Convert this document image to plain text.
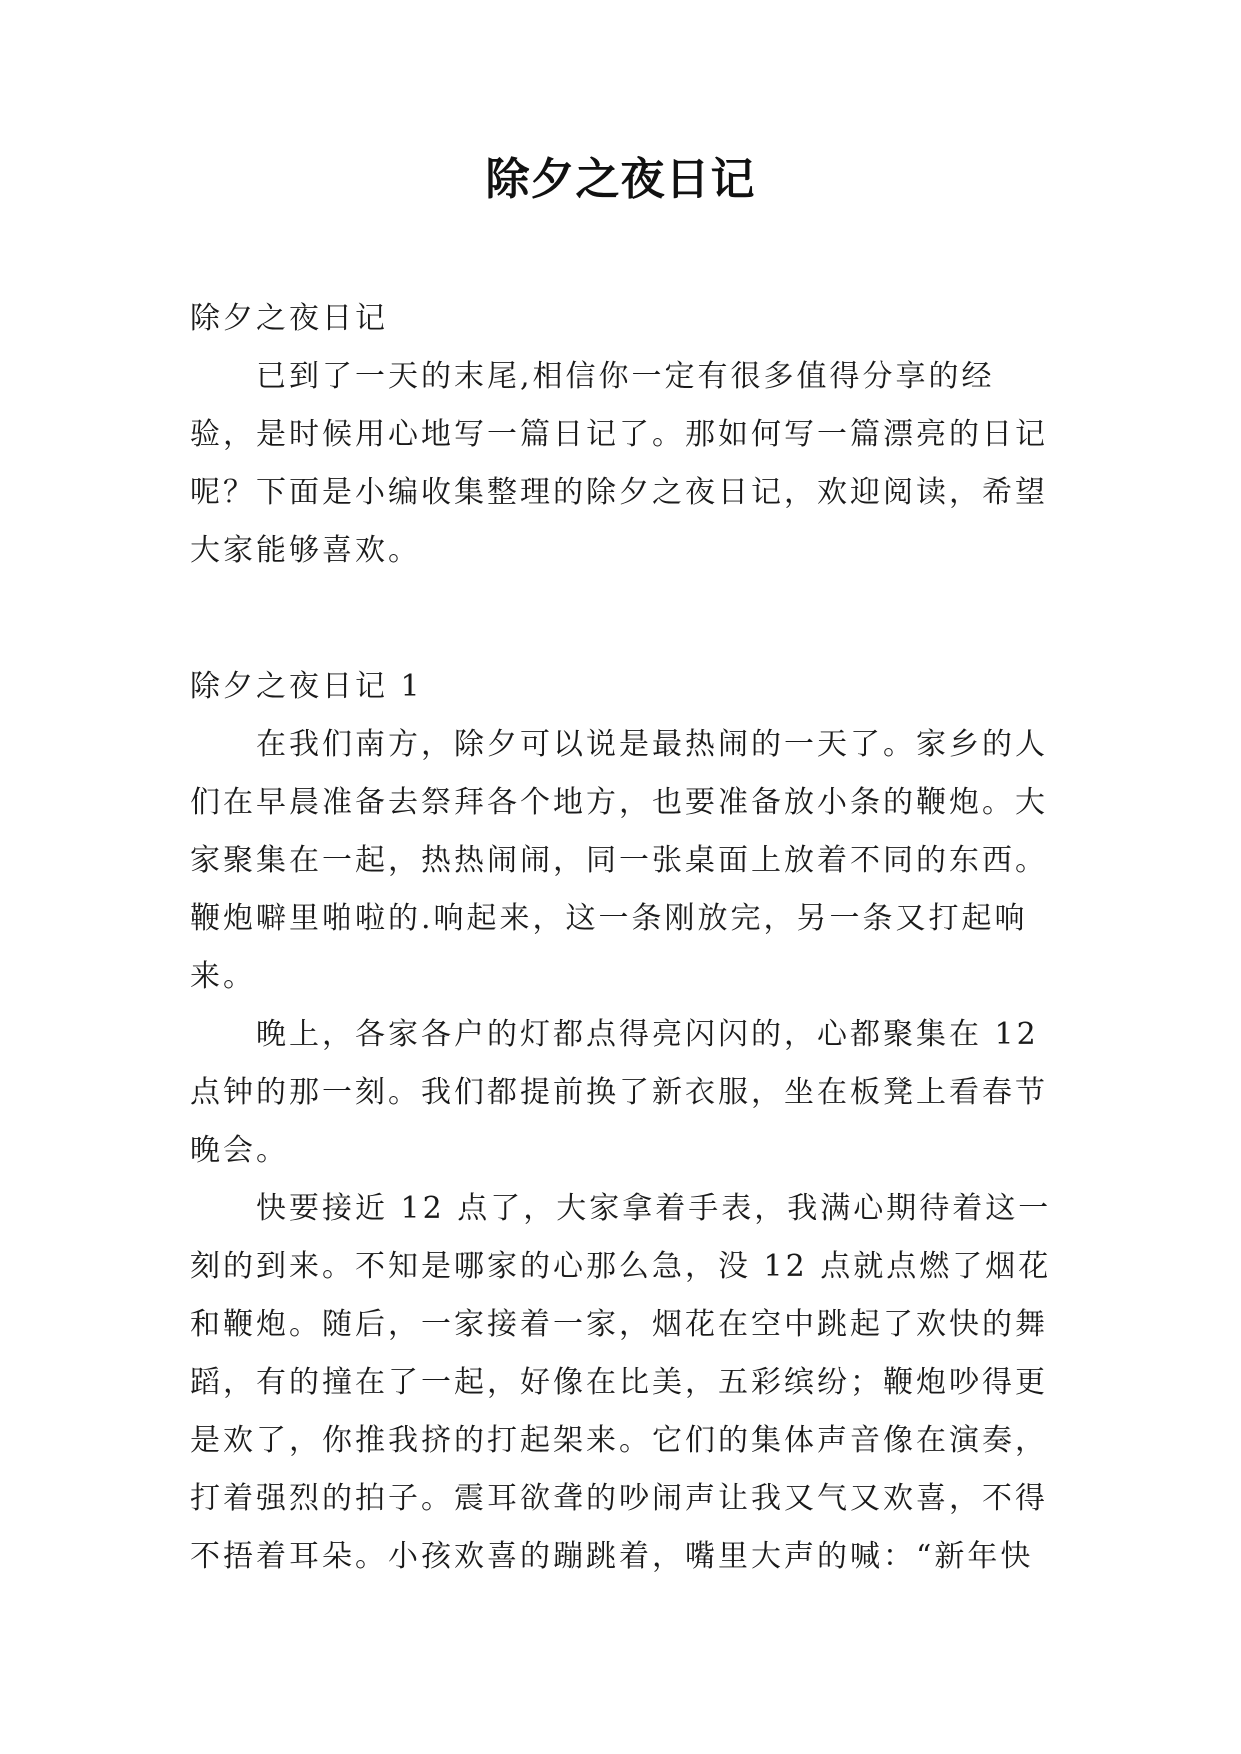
除夕之夜日记

除夕之夜日记

已到了一天的末尾,相信你一定有很多值得分享的经验，是时候用心地写一篇日记了。那如何写一篇漂亮的日记呢？下面是小编收集整理的除夕之夜日记，欢迎阅读，希望大家能够喜欢。

除夕之夜日记 1

在我们南方，除夕可以说是最热闹的一天了。家乡的人们在早晨准备去祭拜各个地方，也要准备放小条的鞭炮。大家聚集在一起，热热闹闹，同一张桌面上放着不同的东西。鞭炮噼里啪啦的.响起来，这一条刚放完，另一条又打起响来。

晚上，各家各户的灯都点得亮闪闪的，心都聚集在 12 点钟的那一刻。我们都提前换了新衣服，坐在板凳上看春节晚会。

快要接近 12 点了，大家拿着手表，我满心期待着这一刻的到来。不知是哪家的心那么急，没 12 点就点燃了烟花和鞭炮。随后，一家接着一家，烟花在空中跳起了欢快的舞蹈，有的撞在了一起，好像在比美，五彩缤纷；鞭炮吵得更是欢了，你推我挤的打起架来。它们的集体声音像在演奏，打着强烈的拍子。震耳欲聋的吵闹声让我又气又欢喜，不得不捂着耳朵。小孩欢喜的蹦跳着，嘴里大声的喊：“新年快
